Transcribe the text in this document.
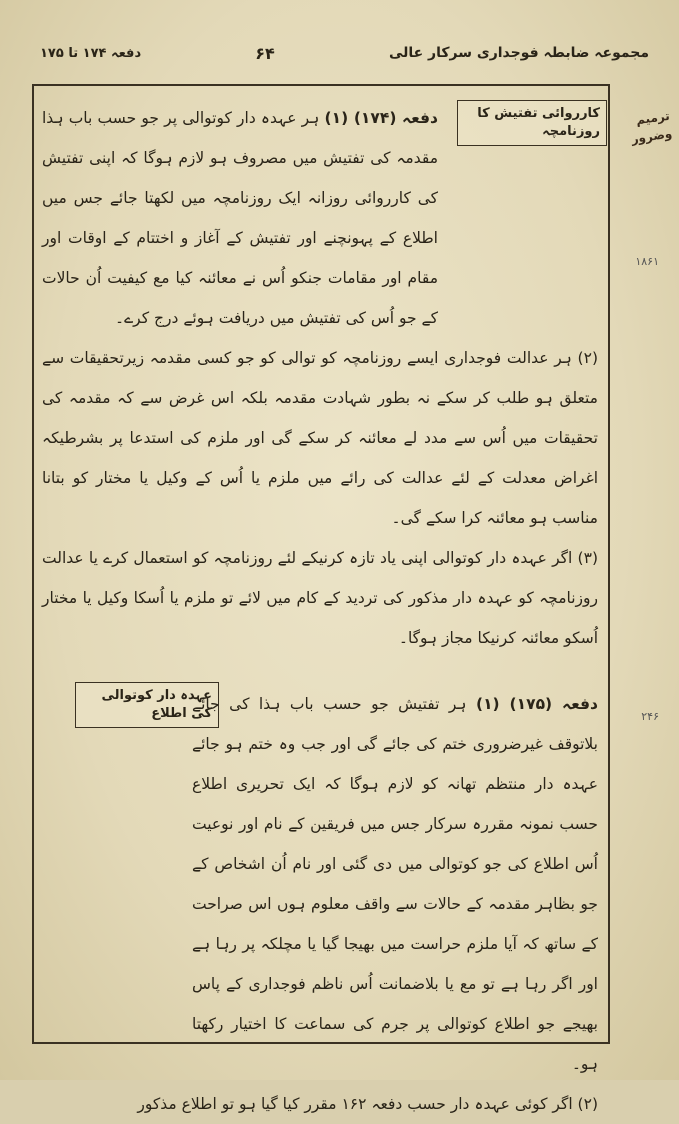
مجموعہ ضابطہ فوجداری سرکار عالی
۶۴
دفعہ ۱۷۴ تا ۱۷۵
ترمیم وضرور
۱۸۶۱
۲۴۶
کارروائی تفتیش کا روزنامچہ

دفعہ (۱۷۴) (۱) ہر عہدہ دار کوتوالی پر جو حسب باب ہذا مقدمہ کی تفتیش میں مصروف ہو لازم ہوگا کہ اپنی تفتیش کی کارروائی روزانہ ایک روزنامچہ میں لکھتا جائے جس میں اطلاع کے پہونچنے اور تفتیش کے آغاز و اختتام کے اوقات اور مقام اور مقامات جنکو اُس نے معائنہ کیا مع کیفیت اُن حالات کے جو اُس کی تفتیش میں دریافت ہوئے درج کرے۔

(۲) ہر عدالت فوجداری ایسے روزنامچہ کو توالی کو جو کسی مقدمہ زیرتحقیقات سے متعلق ہو طلب کر سکے نہ بطور شہادت مقدمہ بلکہ اس غرض سے کہ مقدمہ کی تحقیقات میں اُس سے مدد لے معائنہ کر سکے گی اور ملزم کی استدعا پر بشرطیکہ اغراض معدلت کے لئے عدالت کی رائے میں ملزم یا اُس کے وکیل یا مختار کو بتانا مناسب ہو معائنہ کرا سکے گی۔

(۳) اگر عہدہ دار کوتوالی اپنی یاد تازہ کرنیکے لئے روزنامچہ کو استعمال کرے یا عدالت روزنامچہ کو عہدہ دار مذکور کی تردید کے کام میں لائے تو ملزم یا اُسکا وکیل یا مختار اُسکو معائنہ کرنیکا مجاز ہوگا۔

عہدہ دار کوتوالی کی اطلاع

دفعہ (۱۷۵) (۱) ہر تفتیش جو حسب باب ہذا کی جائے بلاتوقف غیرضروری ختم کی جائے گی اور جب وہ ختم ہو جائے عہدہ دار منتظم تھانہ کو لازم ہوگا کہ ایک تحریری اطلاع حسب نمونہ مقررہ سرکار جس میں فریقین کے نام اور نوعیت اُس اطلاع کی جو کوتوالی میں دی گئی اور نام اُن اشخاص کے جو بظاہر مقدمہ کے حالات سے واقف معلوم ہوں اس صراحت کے ساتھ کہ آیا ملزم حراست میں بھیجا گیا یا مچلکہ پر رہا ہے اور اگر رہا ہے تو مع یا بلاضمانت اُس ناظم فوجداری کے پاس بھیجے جو اطلاع کوتوالی پر جرم کی سماعت کا اختیار رکھتا ہو۔

(۲) اگر کوئی عہدہ دار حسب دفعہ ۱۶۲ مقرر کیا گیا ہو تو اطلاع مذکور
